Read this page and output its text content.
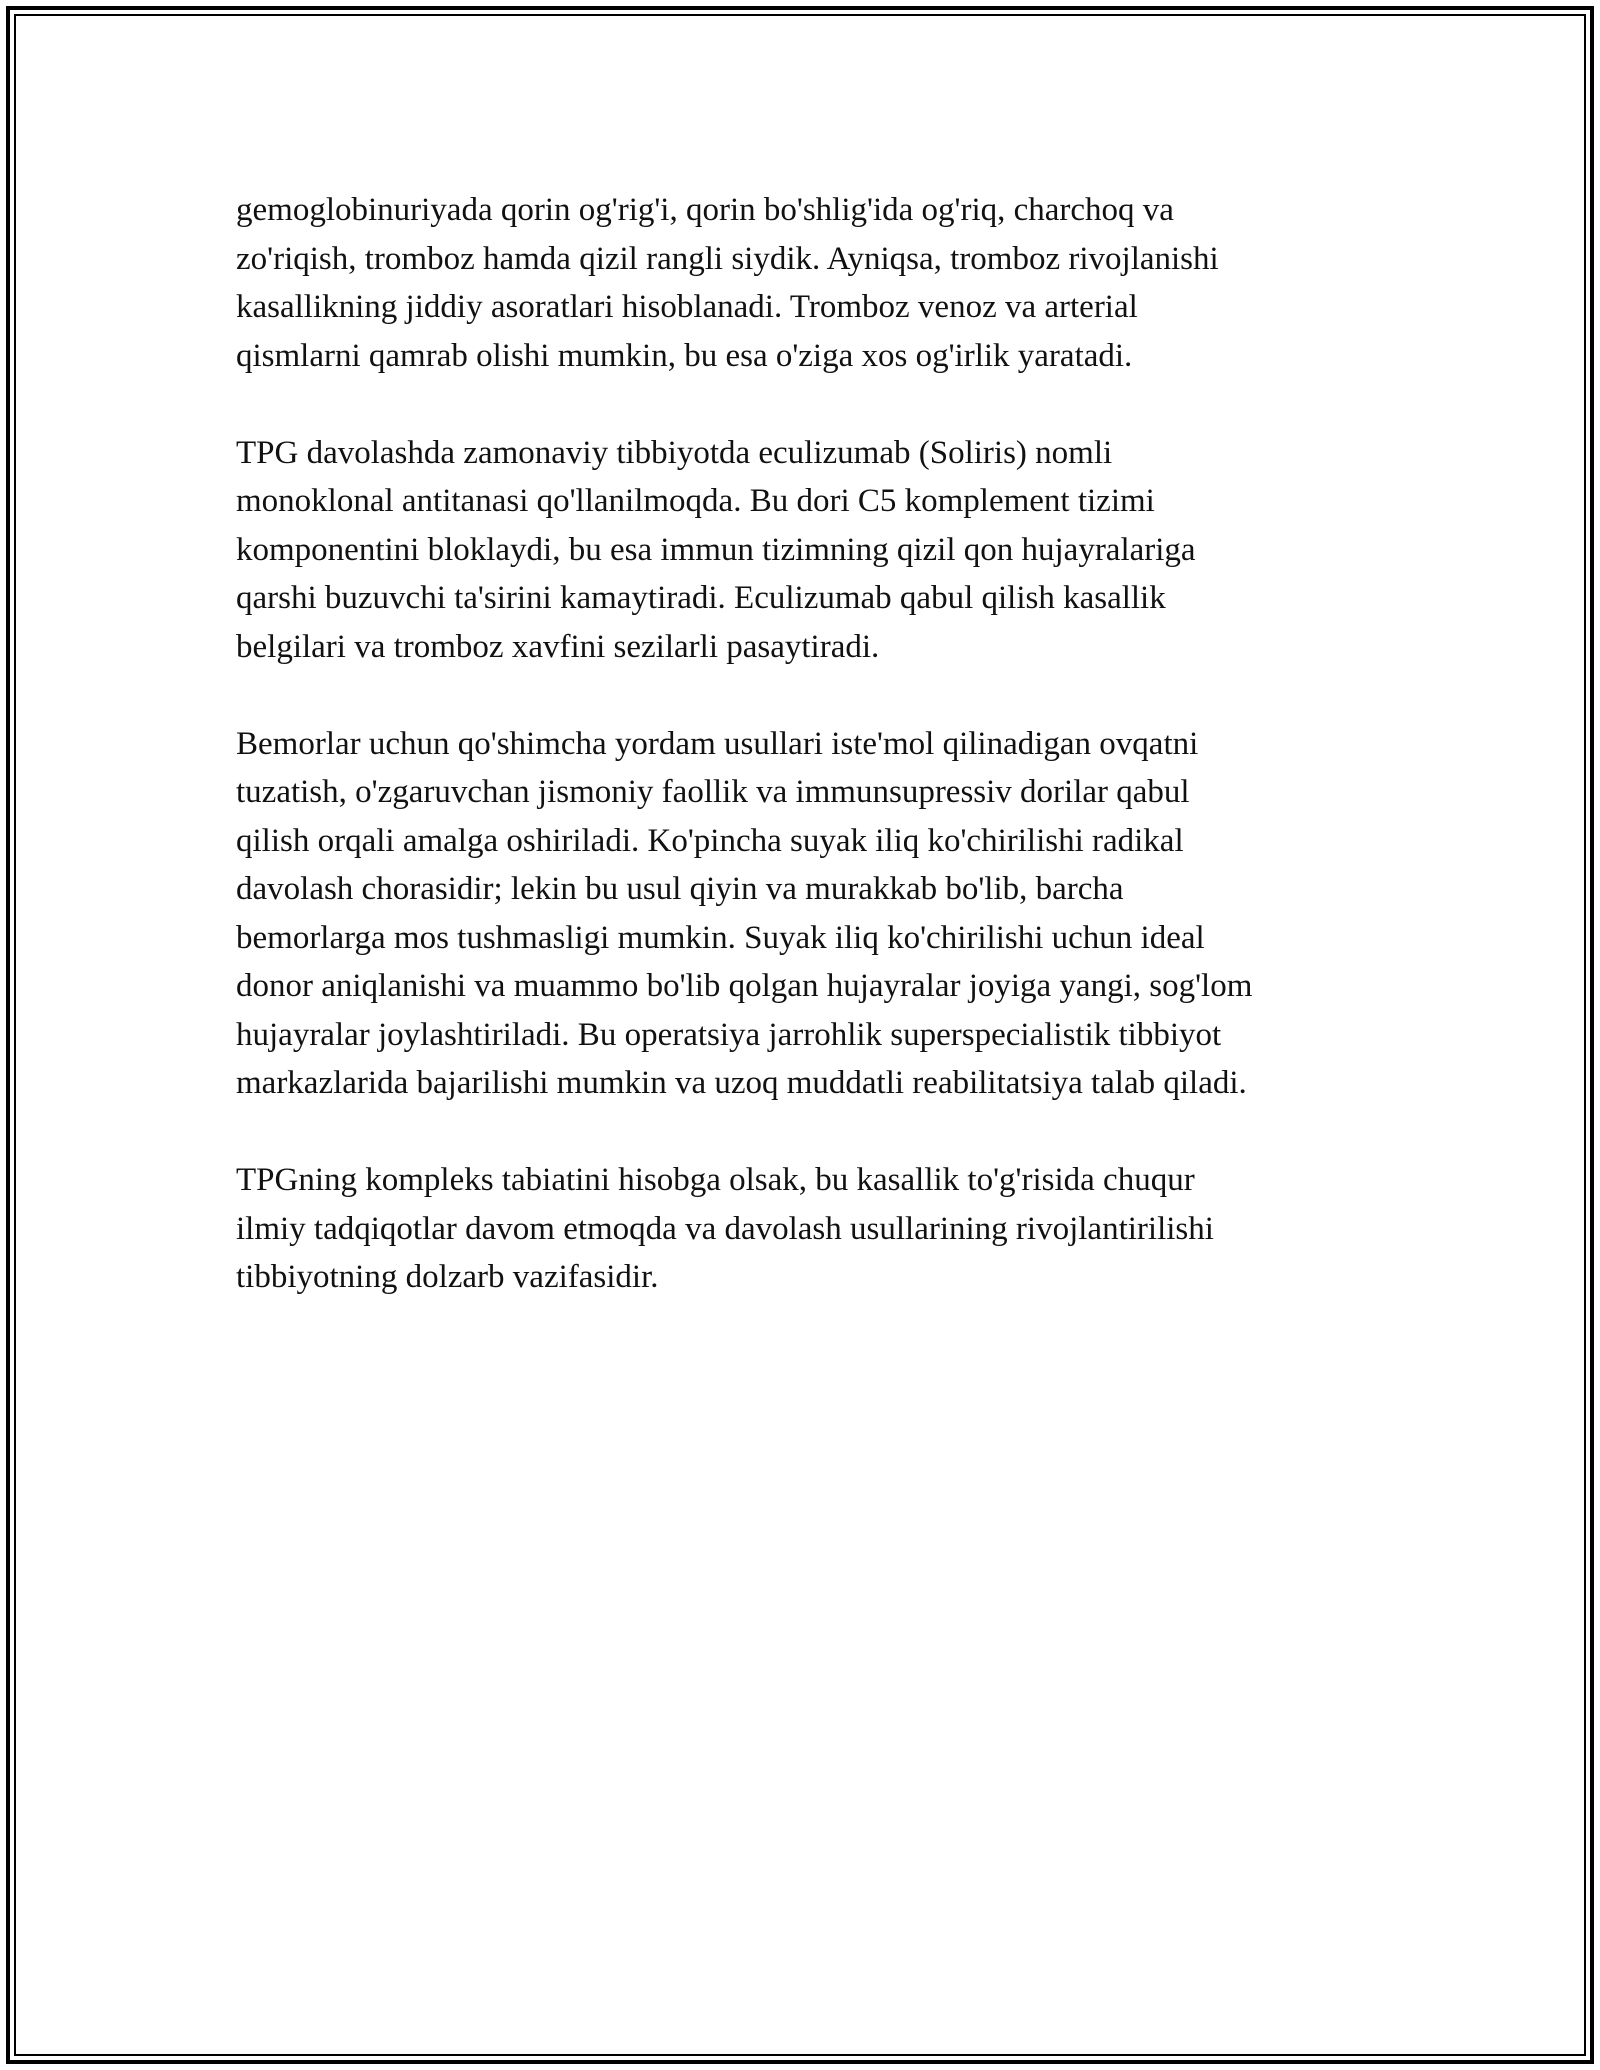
gemoglobinuriyada qorin og'rig'i, qorin bo'shlig'ida og'riq, charchoq va
zo'riqish, tromboz hamda qizil rangli siydik. Ayniqsa, tromboz rivojlanishi
kasallikning jiddiy asoratlari hisoblanadi. Tromboz venoz va arterial
qismlarni qamrab olishi mumkin, bu esa o'ziga xos og'irlik yaratadi.

TPG davolashda zamonaviy tibbiyotda eculizumab (Soliris) nomli
monoklonal antitanasi qo'llanilmoqda. Bu dori C5 komplement tizimi
komponentini bloklaydi, bu esa immun tizimning qizil qon hujayralariga
qarshi buzuvchi ta'sirini kamaytiradi. Eculizumab qabul qilish kasallik
belgilari va tromboz xavfini sezilarli pasaytiradi.

Bemorlar uchun qo'shimcha yordam usullari iste'mol qilinadigan ovqatni
tuzatish, o'zgaruvchan jismoniy faollik va immunsupressiv dorilar qabul
qilish orqali amalga oshiriladi. Ko'pincha suyak iliq ko'chirilishi radikal
davolash chorasidir; lekin bu usul qiyin va murakkab bo'lib, barcha
bemorlarga mos tushmasligi mumkin. Suyak iliq ko'chirilishi uchun ideal
donor aniqlanishi va muammo bo'lib qolgan hujayralar joyiga yangi, sog'lom
hujayralar joylashtiriladi. Bu operatsiya jarrohlik superspecialistik tibbiyot
markazlarida bajarilishi mumkin va uzoq muddatli reabilitatsiya talab qiladi.

TPGning kompleks tabiatini hisobga olsak, bu kasallik to'g'risida chuqur
ilmiy tadqiqotlar davom etmoqda va davolash usullarining rivojlantirilishi
tibbiyotning dolzarb vazifasidir.
